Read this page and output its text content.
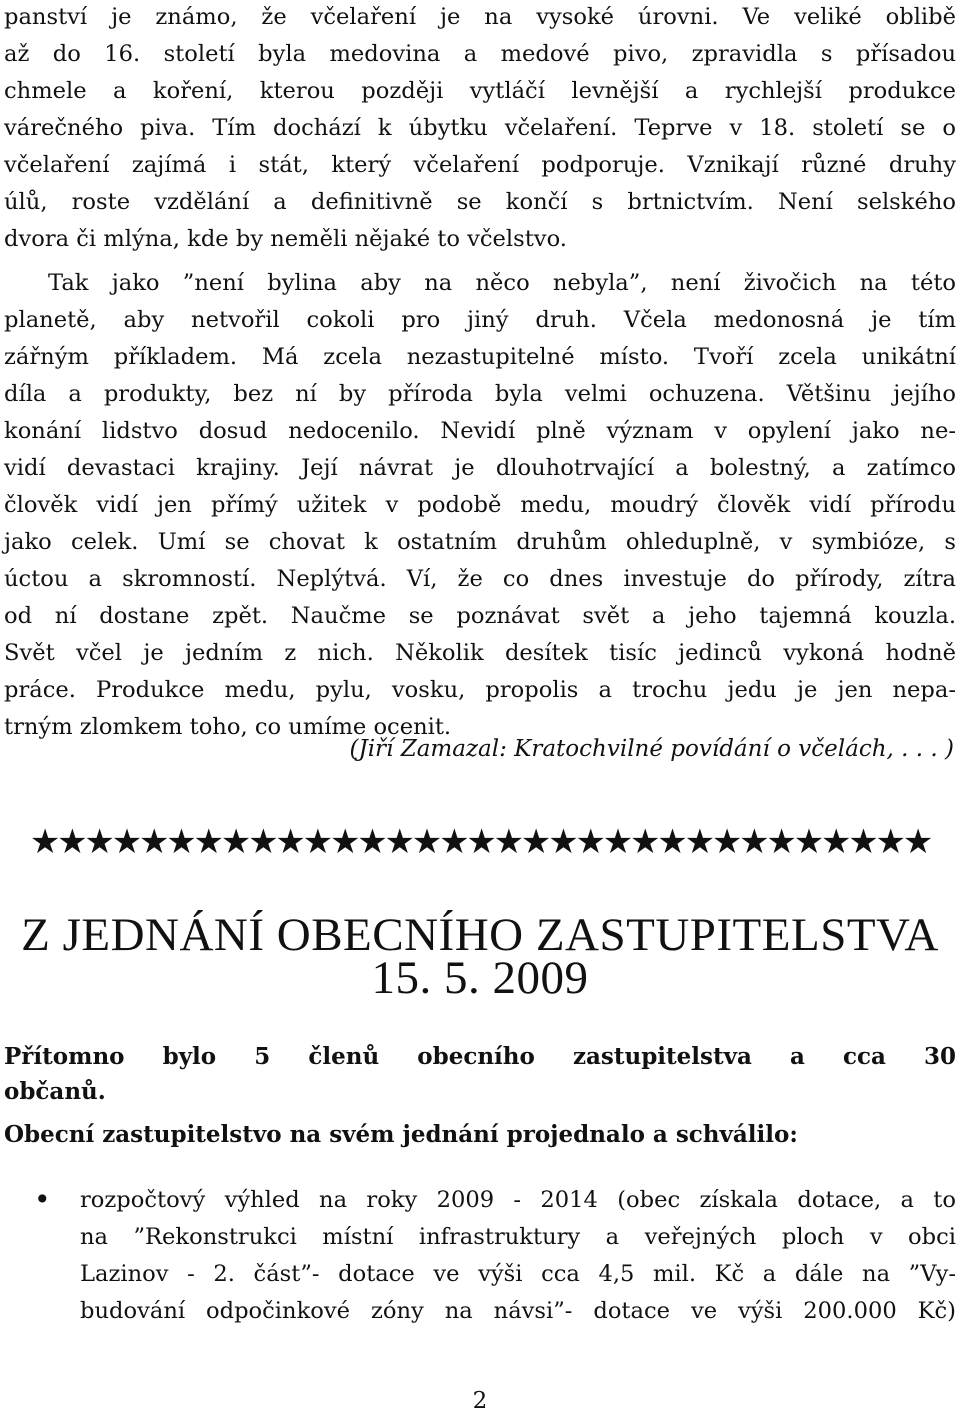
panství je známo, že včelaření je na vysoké úrovni. Ve veliké oblibě
až do 16. století byla medovina a medové pivo, zpravidla s přísadou
chmele a koření, kterou později vytláčí levnější a rychlejší produkce
várečného piva. Tím dochází k úbytku včelaření. Teprve v 18. století se o
včelaření zajímá i stát, který včelaření podporuje. Vznikají různé druhy
úlů, roste vzdělání a definitivně se končí s brtnictvím. Není selského
dvora či mlýna, kde by neměli nějaké to včelstvo.
Tak jako ”není bylina aby na něco nebyla”, není živočich na této
planetě, aby netvořil cokoli pro jiný druh. Včela medonosná je tím
zářným příkladem. Má zcela nezastupitelné místo. Tvoří zcela unikátní
díla a produkty, bez ní by příroda byla velmi ochuzena. Většinu jejího
konání lidstvo dosud nedocenilo. Nevidí plně význam v opylení jako ne-
vidí devastaci krajiny. Její návrat je dlouhotrvající a bolestný, a zatímco
člověk vidí jen přímý užitek v podobě medu, moudrý člověk vidí přírodu
jako celek. Umí se chovat k ostatním druhům ohleduplně, v symbióze, s
úctou a skromností. Neplýtvá. Ví, že co dnes investuje do přírody, zítra
od ní dostane zpět. Naučme se poznávat svět a jeho tajemná kouzla.
Svět včel je jedním z nich. Několik desítek tisíc jedinců vykoná hodně
práce. Produkce medu, pylu, vosku, propolis a trochu jedu je jen nepa-
trným zlomkem toho, co umíme ocenit.
(Jiří Zamazal: Kratochvilné povídání o včelách, . . . )
★★★★★★★★★★★★★★★★★★★★★★★★★★★★★★★★★
Z JEDNÁNÍ OBECNÍHO ZASTUPITELSTVA
15. 5. 2009
Přítomno bylo 5 členů obecního zastupitelstva a cca 30
občanů.
Obecní zastupitelstvo na svém jednání projednalo a schválilo:
• rozpočtový výhled na roky 2009 - 2014 (obec získala dotace, a to
na ”Rekonstrukci místní infrastruktury a veřejných ploch v obci
Lazinov - 2. část”- dotace ve výši cca 4,5 mil. Kč a dále na ”Vy-
budování odpočinkové zóny na návsi”- dotace ve výši 200.000 Kč)
2
